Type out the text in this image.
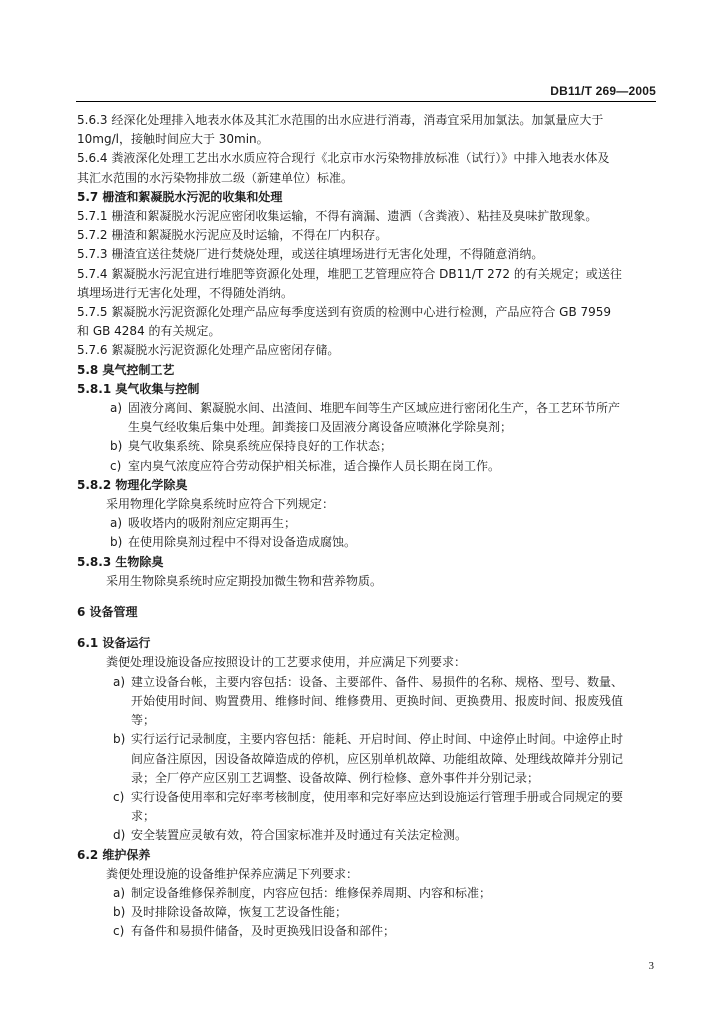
DB11/T 269—2005
5.6.3 经深化处理排入地表水体及其汇水范围的出水应进行消毒，消毒宜采用加氯法。加氯量应大于
10mg/l，接触时间应大于 30min。
5.6.4 粪液深化处理工艺出水水质应符合现行《北京市水污染物排放标准（试行）》中排入地表水体及
其汇水范围的水污染物排放二级（新建单位）标准。
5.7 栅渣和絮凝脱水污泥的收集和处理
5.7.1 栅渣和絮凝脱水污泥应密闭收集运输，不得有滴漏、遗洒（含粪液）、粘挂及臭味扩散现象。
5.7.2 栅渣和絮凝脱水污泥应及时运输，不得在厂内积存。
5.7.3 栅渣宜送往焚烧厂进行焚烧处理，或送往填埋场进行无害化处理，不得随意消纳。
5.7.4 絮凝脱水污泥宜进行堆肥等资源化处理，堆肥工艺管理应符合 DB11/T 272 的有关规定；或送往
填埋场进行无害化处理，不得随处消纳。
5.7.5 絮凝脱水污泥资源化处理产品应每季度送到有资质的检测中心进行检测，产品应符合 GB 7959
和 GB 4284 的有关规定。
5.7.6 絮凝脱水污泥资源化处理产品应密闭存储。
5.8 臭气控制工艺
5.8.1 臭气收集与控制
a) 固液分离间、絮凝脱水间、出渣间、堆肥车间等生产区域应进行密闭化生产，各工艺环节所产
生臭气经收集后集中处理。卸粪接口及固液分离设备应喷淋化学除臭剂；
b) 臭气收集系统、除臭系统应保持良好的工作状态；
c) 室内臭气浓度应符合劳动保护相关标准，适合操作人员长期在岗工作。
5.8.2 物理化学除臭
采用物理化学除臭系统时应符合下列规定：
a) 吸收塔内的吸附剂应定期再生；
b) 在使用除臭剂过程中不得对设备造成腐蚀。
5.8.3 生物除臭
采用生物除臭系统时应定期投加微生物和营养物质。
6 设备管理
6.1 设备运行
粪便处理设施设备应按照设计的工艺要求使用，并应满足下列要求：
a) 建立设备台帐，主要内容包括：设备、主要部件、备件、易损件的名称、规格、型号、数量、
开始使用时间、购置费用、维修时间、维修费用、更换时间、更换费用、报废时间、报废残值
等；
b) 实行运行记录制度，主要内容包括：能耗、开启时间、停止时间、中途停止时间。中途停止时
间应备注原因，因设备故障造成的停机，应区别单机故障、功能组故障、处理线故障并分别记
录；全厂停产应区别工艺调整、设备故障、例行检修、意外事件并分别记录；
c) 实行设备使用率和完好率考核制度，使用率和完好率应达到设施运行管理手册或合同规定的要
求；
d) 安全装置应灵敏有效，符合国家标准并及时通过有关法定检测。
6.2 维护保养
粪便处理设施的设备维护保养应满足下列要求：
a) 制定设备维修保养制度，内容应包括：维修保养周期、内容和标准；
b) 及时排除设备故障，恢复工艺设备性能；
c) 有备件和易损件储备，及时更换残旧设备和部件；
3
